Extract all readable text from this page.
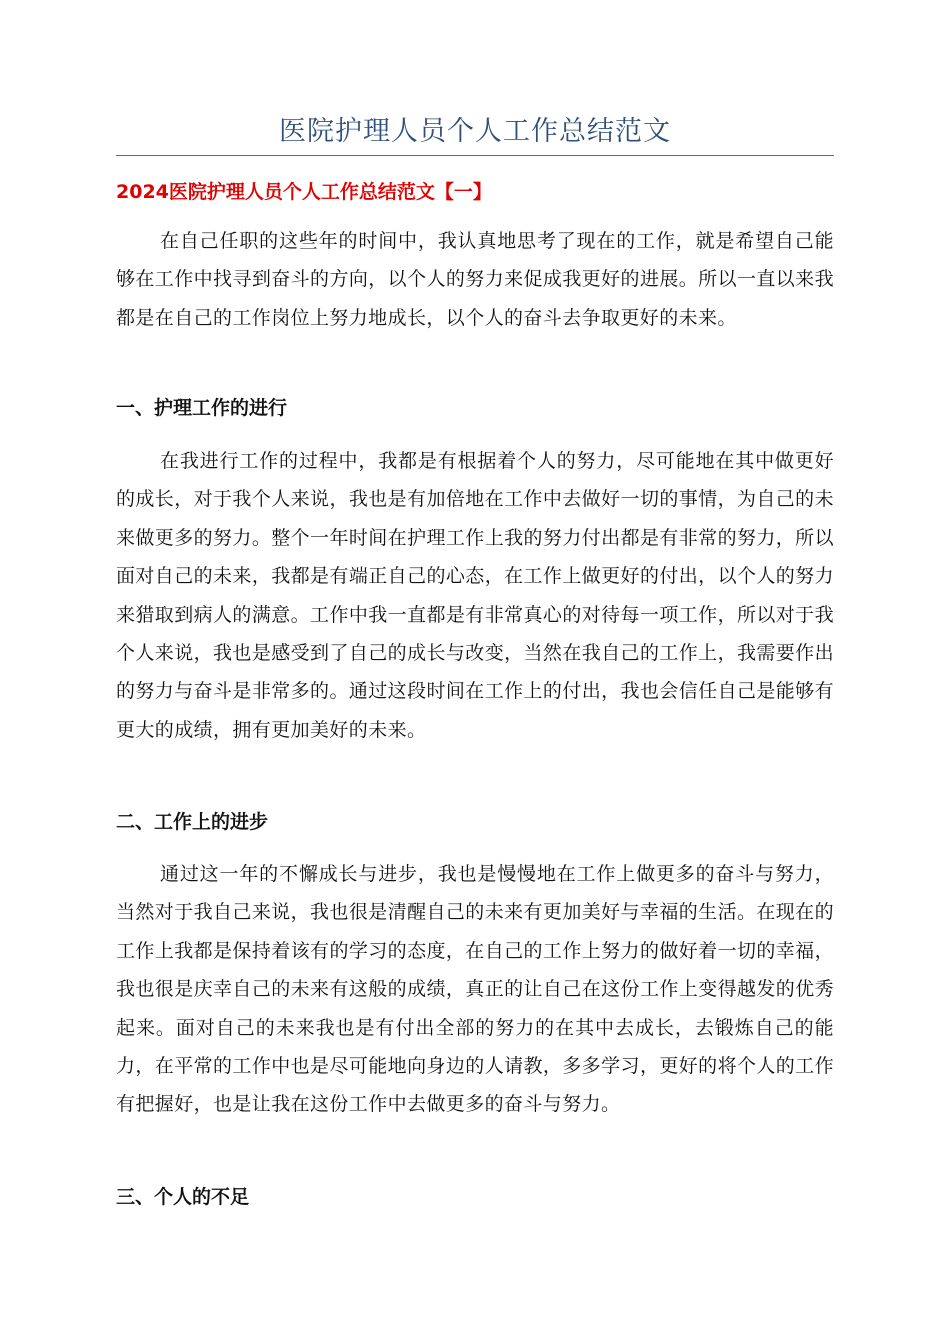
医院护理人员个人工作总结范文
2024医院护理人员个人工作总结范文【一】

在自己任职的这些年的时间中，我认真地思考了现在的工作，就是希望自己能够在工作中找寻到奋斗的方向，以个人的努力来促成我更好的进展。所以一直以来我都是在自己的工作岗位上努力地成长，以个人的奋斗去争取更好的未来。

一、护理工作的进行

在我进行工作的过程中，我都是有根据着个人的努力，尽可能地在其中做更好的成长，对于我个人来说，我也是有加倍地在工作中去做好一切的事情，为自己的未来做更多的努力。整个一年时间在护理工作上我的努力付出都是有非常的努力，所以面对自己的未来，我都是有端正自己的心态，在工作上做更好的付出，以个人的努力来猎取到病人的满意。工作中我一直都是有非常真心的对待每一项工作，所以对于我个人来说，我也是感受到了自己的成长与改变，当然在我自己的工作上，我需要作出的努力与奋斗是非常多的。通过这段时间在工作上的付出，我也会信任自己是能够有更大的成绩，拥有更加美好的未来。

二、工作上的进步

通过这一年的不懈成长与进步，我也是慢慢地在工作上做更多的奋斗与努力，当然对于我自己来说，我也很是清醒自己的未来有更加美好与幸福的生活。在现在的工作上我都是保持着该有的学习的态度，在自己的工作上努力的做好着一切的幸福，我也很是庆幸自己的未来有这般的成绩，真正的让自己在这份工作上变得越发的优秀起来。面对自己的未来我也是有付出全部的努力的在其中去成长，去锻炼自己的能力，在平常的工作中也是尽可能地向身边的人请教，多多学习，更好的将个人的工作有把握好，也是让我在这份工作中去做更多的奋斗与努力。

三、个人的不足
